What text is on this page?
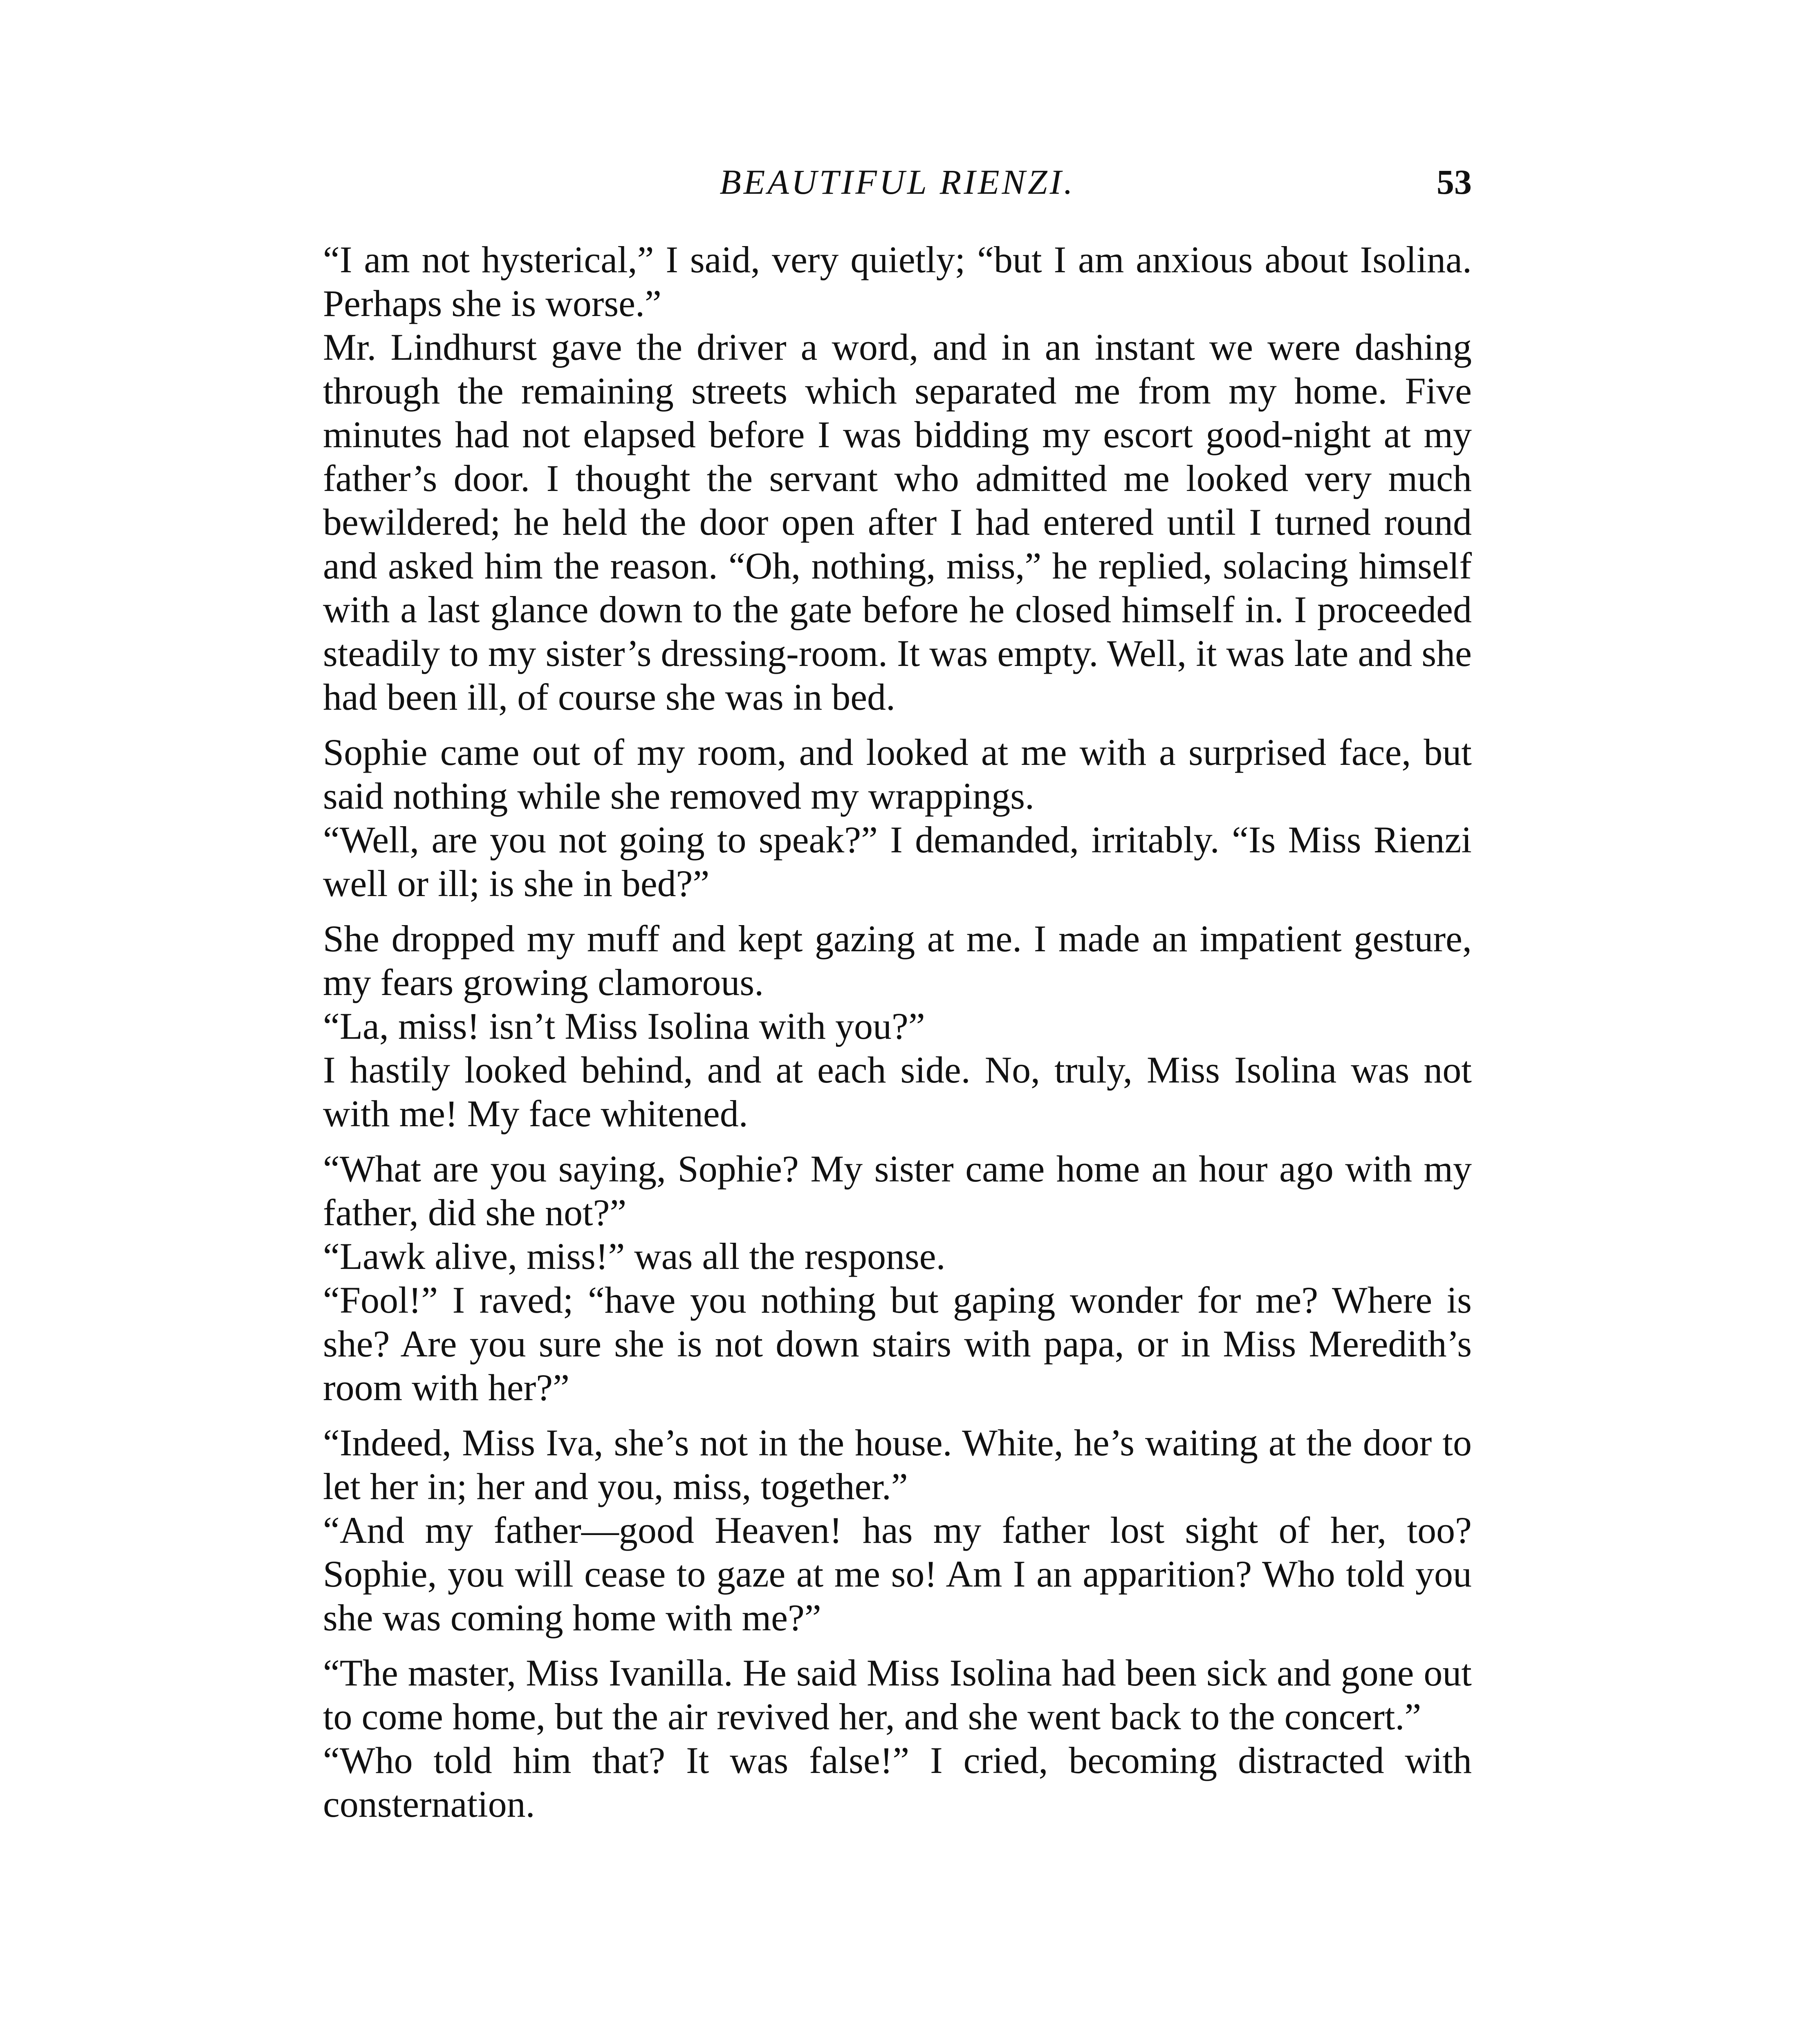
BEAUTIFUL RIENZI.	53

“I am not hysterical,” I said, very quietly; “but I am anxious about Isolina. Perhaps she is worse.”

Mr. Lindhurst gave the driver a word, and in an instant we were dashing through the remaining streets which separated me from my home. Five minutes had not elapsed before I was bidding my escort good-night at my father’s door. I thought the servant who admitted me looked very much bewildered; he held the door open after I had entered until I turned round and asked him the reason. “Oh, nothing, miss,” he replied, solacing himself with a last glance down to the gate before he closed himself in. I proceeded steadily to my sister’s dressing-room. It was empty. Well, it was late and she had been ill, of course she was in bed.

Sophie came out of my room, and looked at me with a surprised face, but said nothing while she removed my wrappings.

“Well, are you not going to speak?” I demanded, irritably. “Is Miss Rienzi well or ill; is she in bed?”

She dropped my muff and kept gazing at me. I made an impatient gesture, my fears growing clamorous.

“La, miss! isn’t Miss Isolina with you?”

I hastily looked behind, and at each side. No, truly, Miss Isolina was not with me! My face whitened.

“What are you saying, Sophie? My sister came home an hour ago with my father, did she not?”

“Lawk alive, miss!” was all the response.

“Fool!” I raved; “have you nothing but gaping wonder for me? Where is she? Are you sure she is not down stairs with papa, or in Miss Meredith’s room with her?”

“Indeed, Miss Iva, she’s not in the house. White, he’s waiting at the door to let her in; her and you, miss, together.”

“And my father—good Heaven! has my father lost sight of her, too? Sophie, you will cease to gaze at me so! Am I an apparition? Who told you she was coming home with me?”

“The master, Miss Ivanilla. He said Miss Isolina had been sick and gone out to come home, but the air revived her, and she went back to the concert.”

“Who told him that? It was false!” I cried, becoming distracted with consternation.
